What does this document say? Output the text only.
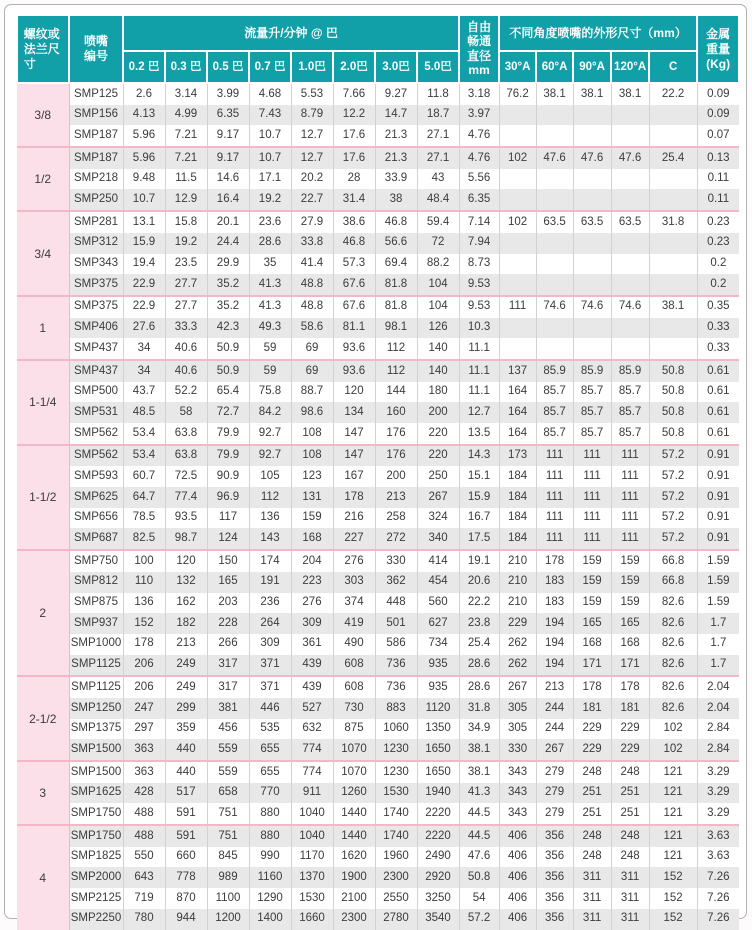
螺纹或法兰尺寸	喷嘴编号	流量升/分钟 @ 巴								自由畅通直径mm	不同角度喷嘴的外形尺寸（mm）					金属重量(Kg)
		0.2 巴	0.3 巴	0.5 巴	0.7 巴	1.0巴	2.0巴	3.0巴	5.0巴		30°A	60°A	90°A	120°A	C	
3/8	SMP125	2.6	3.14	3.99	4.68	5.53	7.66	9.27	11.8	3.18	76.2	38.1	38.1	38.1	22.2	0.09
	SMP156	4.13	4.99	6.35	7.43	8.79	12.2	14.7	18.7	3.97						0.09
	SMP187	5.96	7.21	9.17	10.7	12.7	17.6	21.3	27.1	4.76						0.07
1/2	SMP187	5.96	7.21	9.17	10.7	12.7	17.6	21.3	27.1	4.76	102	47.6	47.6	47.6	25.4	0.13
	SMP218	9.48	11.5	14.6	17.1	20.2	28	33.9	43	5.56						0.11
	SMP250	10.7	12.9	16.4	19.2	22.7	31.4	38	48.4	6.35						0.11
3/4	SMP281	13.1	15.8	20.1	23.6	27.9	38.6	46.8	59.4	7.14	102	63.5	63.5	63.5	31.8	0.23
	SMP312	15.9	19.2	24.4	28.6	33.8	46.8	56.6	72	7.94						0.23
	SMP343	19.4	23.5	29.9	35	41.4	57.3	69.4	88.2	8.73						0.2
	SMP375	22.9	27.7	35.2	41.3	48.8	67.6	81.8	104	9.53						0.2
1	SMP375	22.9	27.7	35.2	41.3	48.8	67.6	81.8	104	9.53	111	74.6	74.6	74.6	38.1	0.35
	SMP406	27.6	33.3	42.3	49.3	58.6	81.1	98.1	126	10.3						0.33
	SMP437	34	40.6	50.9	59	69	93.6	112	140	11.1						0.33
1-1/4	SMP437	34	40.6	50.9	59	69	93.6	112	140	11.1	137	85.9	85.9	85.9	50.8	0.61
	SMP500	43.7	52.2	65.4	75.8	88.7	120	144	180	11.1	164	85.7	85.7	85.7	50.8	0.61
	SMP531	48.5	58	72.7	84.2	98.6	134	160	200	12.7	164	85.7	85.7	85.7	50.8	0.61
	SMP562	53.4	63.8	79.9	92.7	108	147	176	220	13.5	164	85.7	85.7	85.7	50.8	0.61
1-1/2	SMP562	53.4	63.8	79.9	92.7	108	147	176	220	14.3	173	111	111	111	57.2	0.91
	SMP593	60.7	72.5	90.9	105	123	167	200	250	15.1	184	111	111	111	57.2	0.91
	SMP625	64.7	77.4	96.9	112	131	178	213	267	15.9	184	111	111	111	57.2	0.91
	SMP656	78.5	93.5	117	136	159	216	258	324	16.7	184	111	111	111	57.2	0.91
	SMP687	82.5	98.7	124	143	168	227	272	340	17.5	184	111	111	111	57.2	0.91
2	SMP750	100	120	150	174	204	276	330	414	19.1	210	178	159	159	66.8	1.59
	SMP812	110	132	165	191	223	303	362	454	20.6	210	183	159	159	66.8	1.59
	SMP875	136	162	203	236	276	374	448	560	22.2	210	183	159	159	82.6	1.59
	SMP937	152	182	228	264	309	419	501	627	23.8	229	194	165	165	82.6	1.7
	SMP1000	178	213	266	309	361	490	586	734	25.4	262	194	168	168	82.6	1.7
	SMP1125	206	249	317	371	439	608	736	935	28.6	262	194	171	171	82.6	1.7
2-1/2	SMP1125	206	249	317	371	439	608	736	935	28.6	267	213	178	178	82.6	2.04
	SMP1250	247	299	381	446	527	730	883	1120	31.8	305	244	181	181	82.6	2.04
	SMP1375	297	359	456	535	632	875	1060	1350	34.9	305	244	229	229	102	2.84
	SMP1500	363	440	559	655	774	1070	1230	1650	38.1	330	267	229	229	102	2.84
3	SMP1500	363	440	559	655	774	1070	1230	1650	38.1	343	279	248	248	121	3.29
	SMP1625	428	517	658	770	911	1260	1530	1940	41.3	343	279	251	251	121	3.29
	SMP1750	488	591	751	880	1040	1440	1740	2220	44.5	343	279	251	251	121	3.29
4	SMP1750	488	591	751	880	1040	1440	1740	2220	44.5	406	356	248	248	121	3.63
	SMP1825	550	660	845	990	1170	1620	1960	2490	47.6	406	356	248	248	121	3.63
	SMP2000	643	778	989	1160	1370	1900	2300	2920	50.8	406	356	311	311	152	7.26
	SMP2125	719	870	1100	1290	1530	2100	2550	3250	54	406	356	311	311	152	7.26
	SMP2250	780	944	1200	1400	1660	2300	2780	3540	57.2	406	356	311	311	152	7.26
